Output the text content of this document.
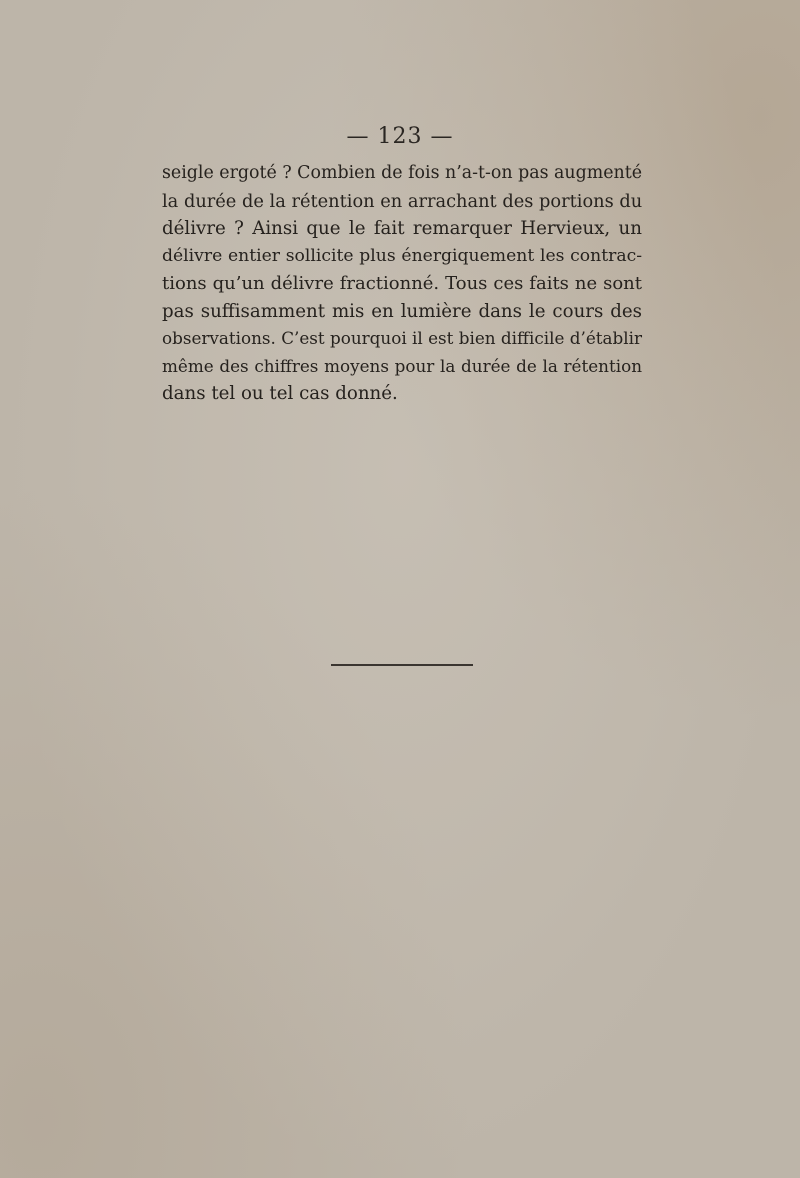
— 123 —
seigle ergoté ? Combien de fois n’a-t-on pas augmenté
la durée de la rétention en arrachant des portions du
délivre ? Ainsi que le fait remarquer Hervieux, un
délivre entier sollicite plus énergiquement les contrac-
tions qu’un délivre fractionné. Tous ces faits ne sont
pas suffisamment mis en lumière dans le cours des
observations. C’est pourquoi il est bien difficile d’établir
même des chiffres moyens pour la durée de la rétention
dans tel ou tel cas donné.
